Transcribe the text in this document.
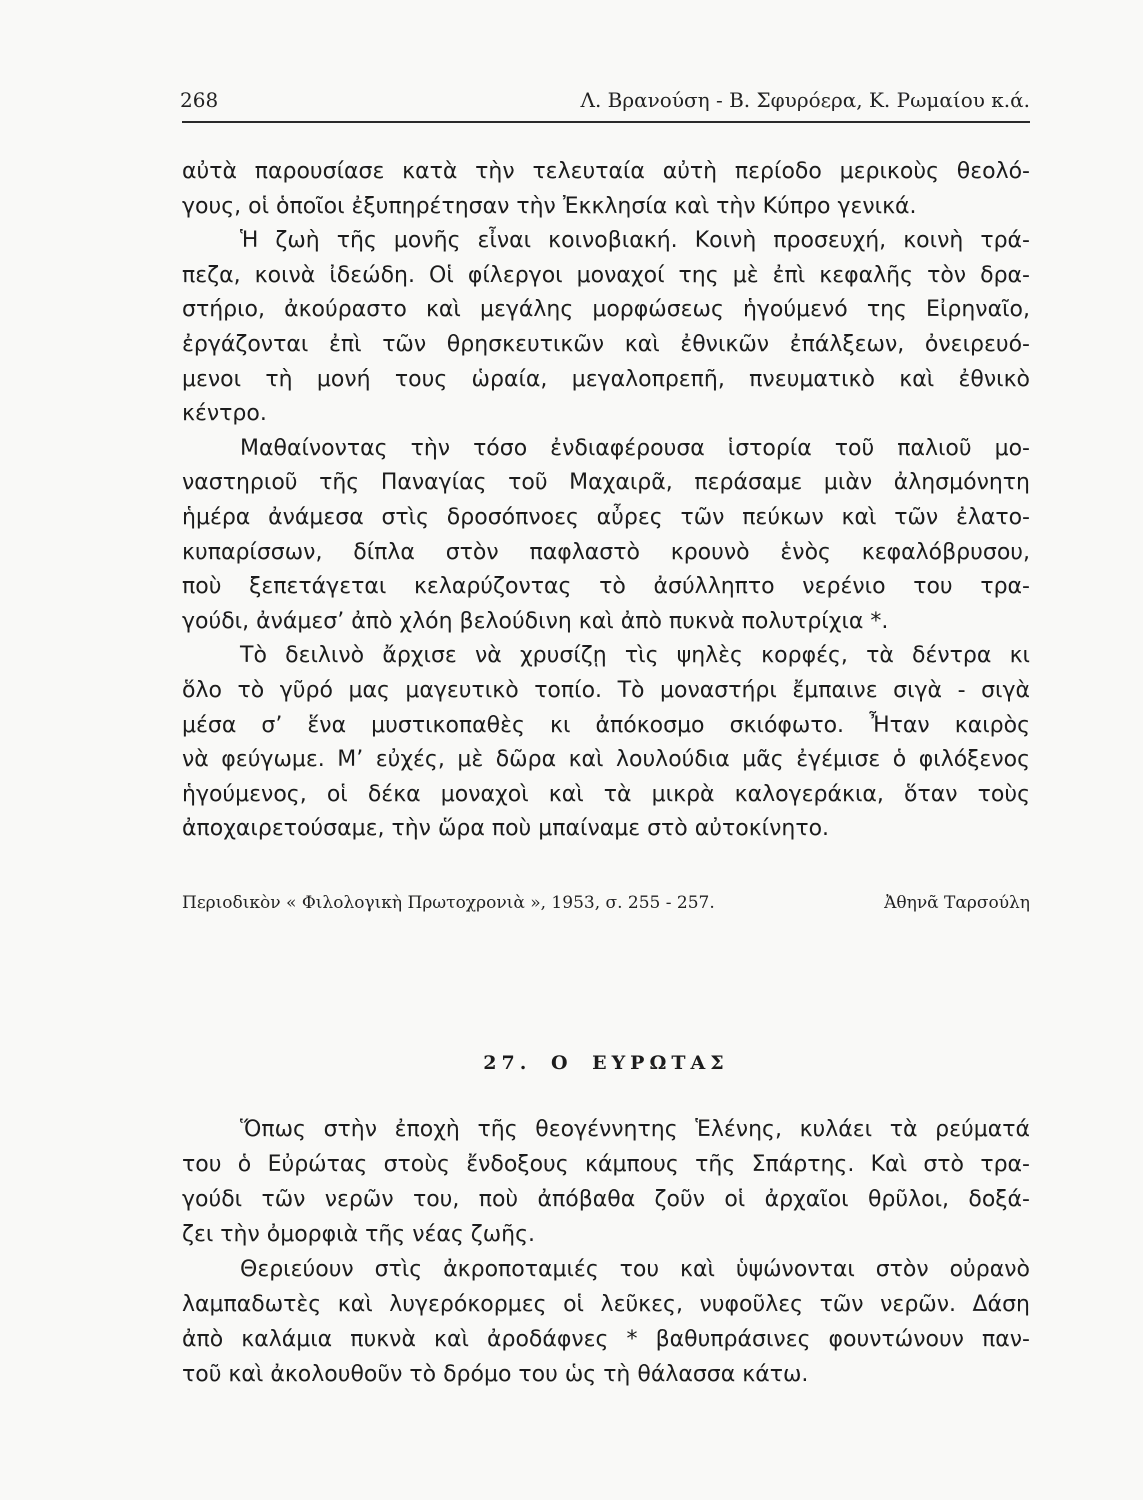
268	Λ. Βρανούση - Β. Σφυρόερα, Κ. Ρωμαίου κ.ά.
αὐτὰ παρουσίασε κατὰ τὴν τελευταία αὐτὴ περίοδο μερικοὺς θεολό-
γους, οἱ ὁποῖοι ἐξυπηρέτησαν τὴν Ἐκκλησία καὶ τὴν Κύπρο γενικά.
Ἡ ζωὴ τῆς μονῆς εἶναι κοινοβιακή. Κοινὴ προσευχή, κοινὴ τρά-
πεζα, κοινὰ ἰδεώδη. Οἱ φίλεργοι μοναχοί της μὲ ἐπὶ κεφαλῆς τὸν δρα-
στήριο, ἀκούραστο καὶ μεγάλης μορφώσεως ἡγούμενό της Εἰρηναῖο,
ἐργάζονται ἐπὶ τῶν θρησκευτικῶν καὶ ἐθνικῶν ἐπάλξεων, ὀνειρευό-
μενοι τὴ μονή τους ὡραία, μεγαλοπρεπῆ, πνευματικὸ καὶ ἐθνικὸ
κέντρο.
Μαθαίνοντας τὴν τόσο ἐνδιαφέρουσα ἱστορία τοῦ παλιοῦ μο-
ναστηριοῦ τῆς Παναγίας τοῦ Μαχαιρᾶ, περάσαμε μιὰν ἀλησμόνητη
ἡμέρα ἀνάμεσα στὶς δροσόπνοες αὖρες τῶν πεύκων καὶ τῶν ἐλατο-
κυπαρίσσων, δίπλα στὸν παφλαστὸ κρουνὸ ἑνὸς κεφαλόβρυσου,
ποὺ ξεπετάγεται κελαρύζοντας τὸ ἀσύλληπτο νερένιο του τρα-
γούδι, ἀνάμεσ’ ἀπὸ χλόη βελούδινη καὶ ἀπὸ πυκνὰ πολυτρίχια *.
Τὸ δειλινὸ ἄρχισε νὰ χρυσίζῃ τὶς ψηλὲς κορφές, τὰ δέντρα κι
ὅλο τὸ γῦρό μας μαγευτικὸ τοπίο. Τὸ μοναστήρι ἔμπαινε σιγὰ - σιγὰ
μέσα σ’ ἕνα μυστικοπαθὲς κι ἀπόκοσμο σκιόφωτο. Ἦταν καιρὸς
νὰ φεύγωμε. Μ’ εὐχές, μὲ δῶρα καὶ λουλούδια μᾶς ἐγέμισε ὁ φιλόξενος
ἡγούμενος, οἱ δέκα μοναχοὶ καὶ τὰ μικρὰ καλογεράκια, ὅταν τοὺς
ἀποχαιρετούσαμε, τὴν ὥρα ποὺ μπαίναμε στὸ αὐτοκίνητο.
Περιοδικὸν « Φιλολογικὴ Πρωτοχρονιὰ », 1953, σ. 255 - 257.	Ἀθηνᾶ Ταρσούλη
27. Ο ΕΥΡΩΤΑΣ
Ὅπως στὴν ἐποχὴ τῆς θεογέννητης Ἑλένης, κυλάει τὰ ρεύματά
του ὁ Εὐρώτας στοὺς ἔνδοξους κάμπους τῆς Σπάρτης. Καὶ στὸ τρα-
γούδι τῶν νερῶν του, ποὺ ἀπόβαθα ζοῦν οἱ ἀρχαῖοι θρῦλοι, δοξά-
ζει τὴν ὀμορφιὰ τῆς νέας ζωῆς.
Θεριεύουν στὶς ἀκροποταμιές του καὶ ὑψώνονται στὸν οὐρανὸ
λαμπαδωτὲς καὶ λυγερόκορμες οἱ λεῦκες, νυφοῦλες τῶν νερῶν. Δάση
ἀπὸ καλάμια πυκνὰ καὶ ἀροδάφνες * βαθυπράσινες φουντώνουν παν-
τοῦ καὶ ἀκολουθοῦν τὸ δρόμο του ὡς τὴ θάλασσα κάτω.
